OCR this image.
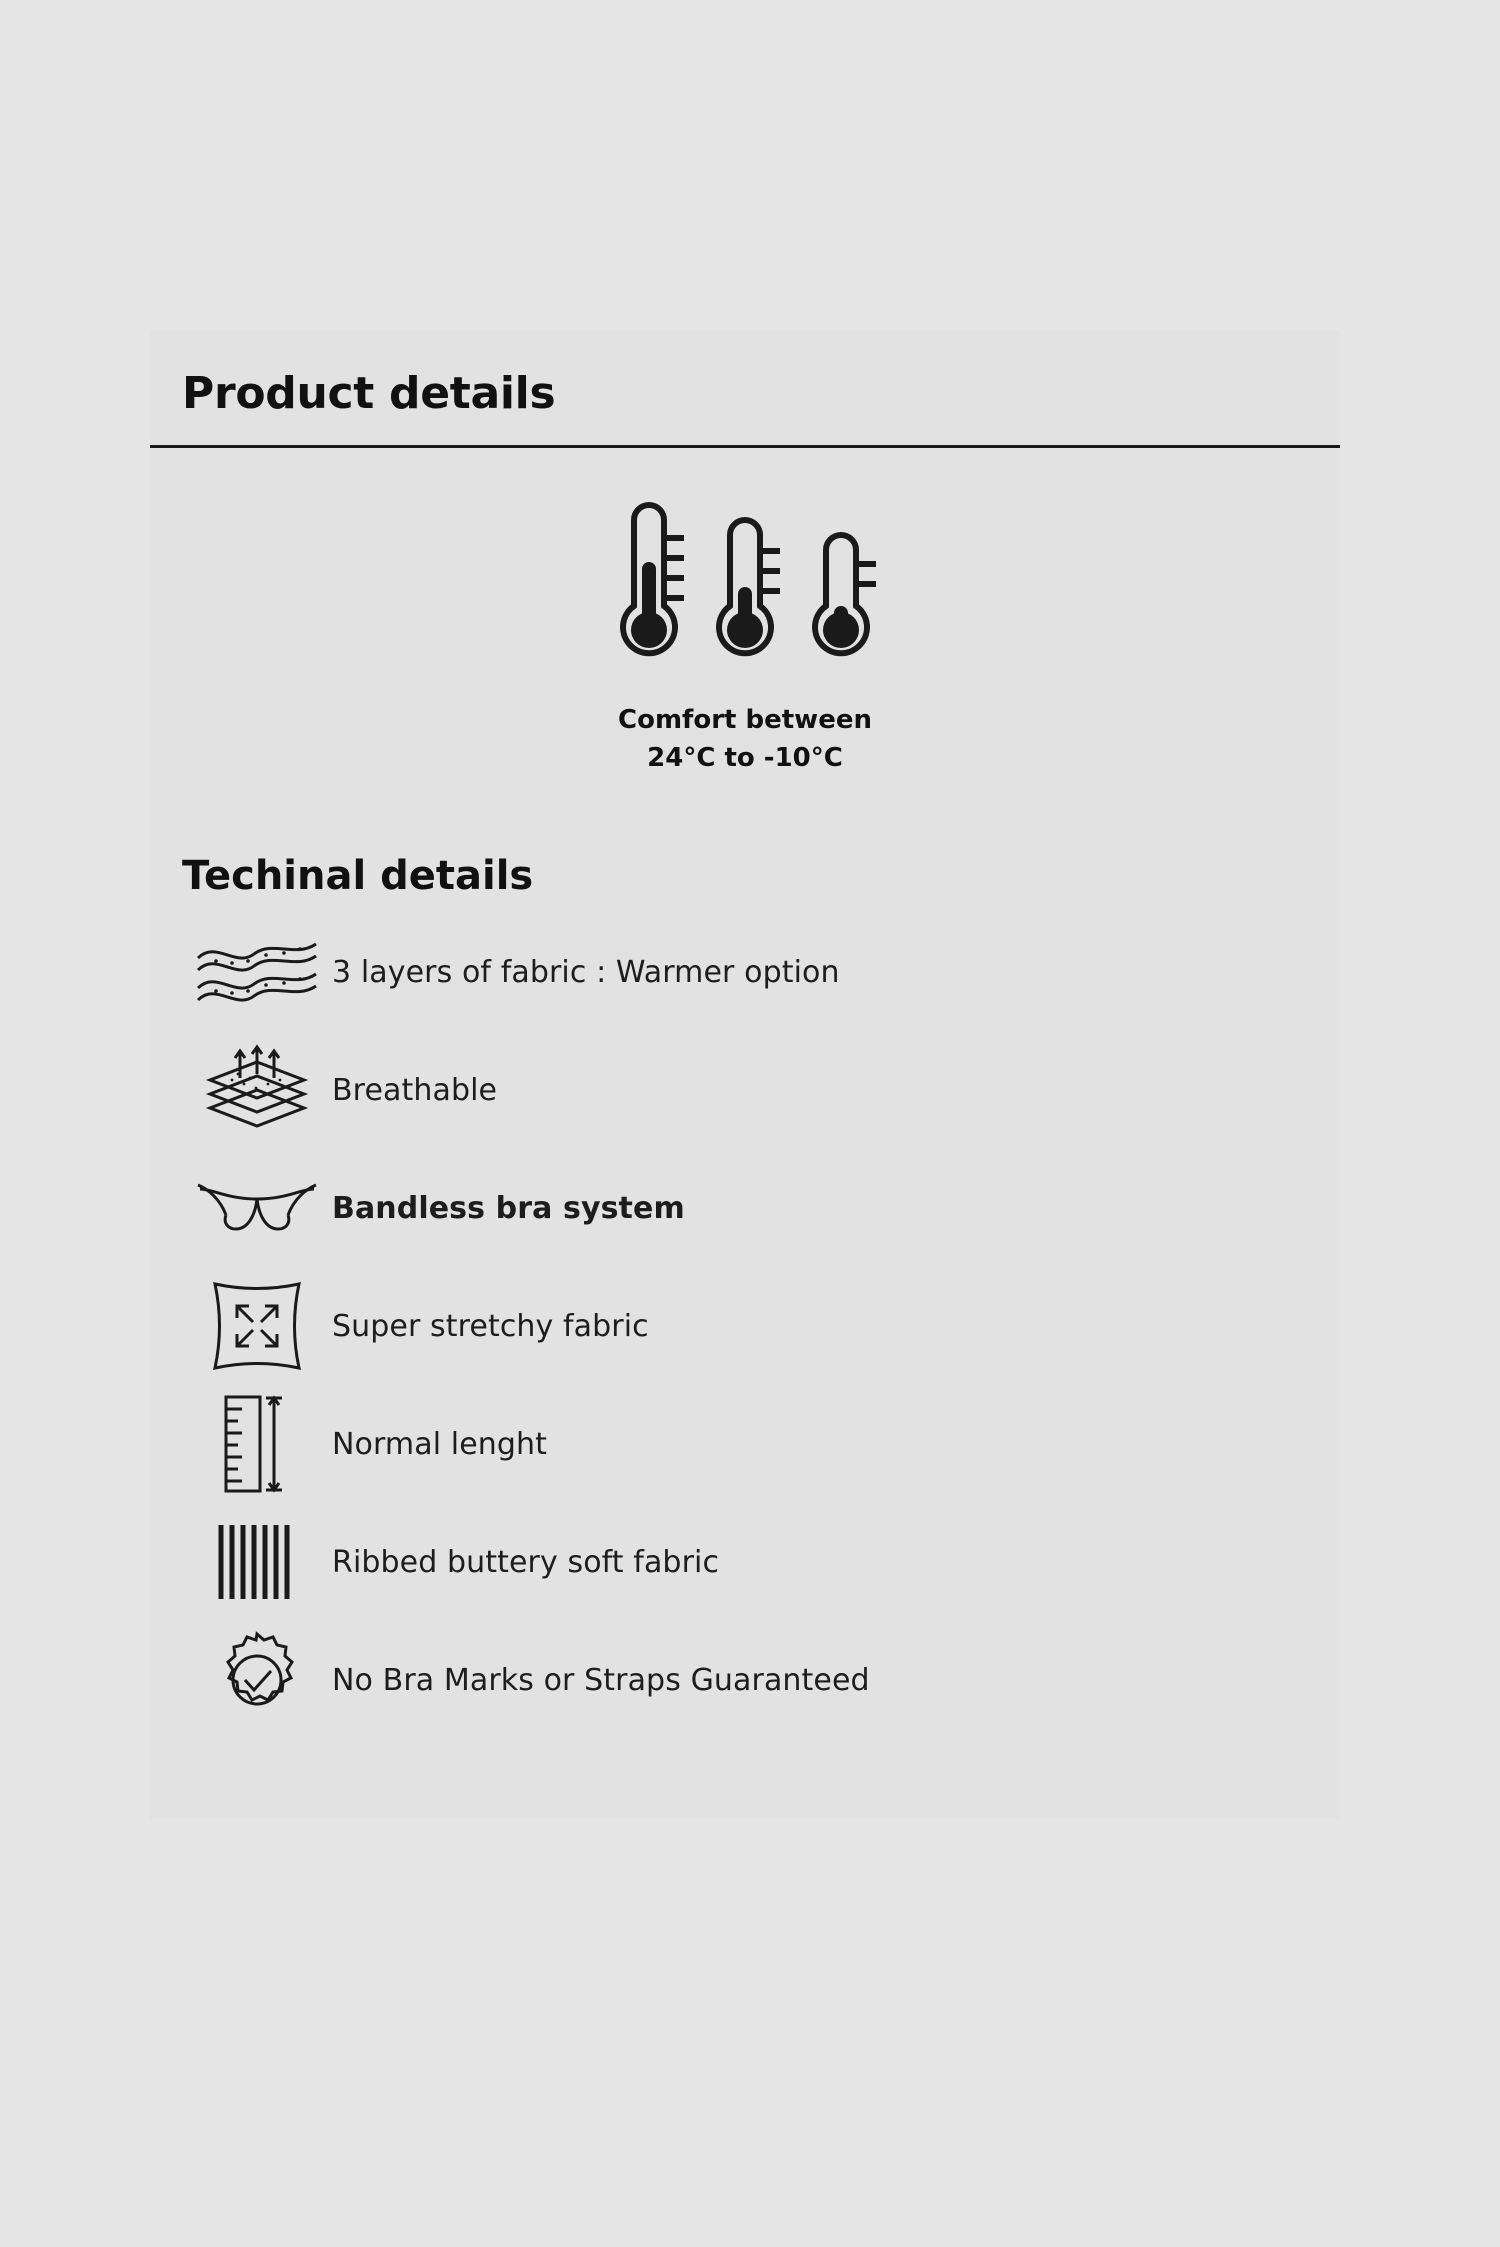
Product details
Comfort between
24°C to -10°C
Techinal details
3 layers of fabric : Warmer option
Breathable
Bandless bra system
Super stretchy fabric
Normal lenght
Ribbed buttery soft fabric
No Bra Marks or Straps Guaranteed
